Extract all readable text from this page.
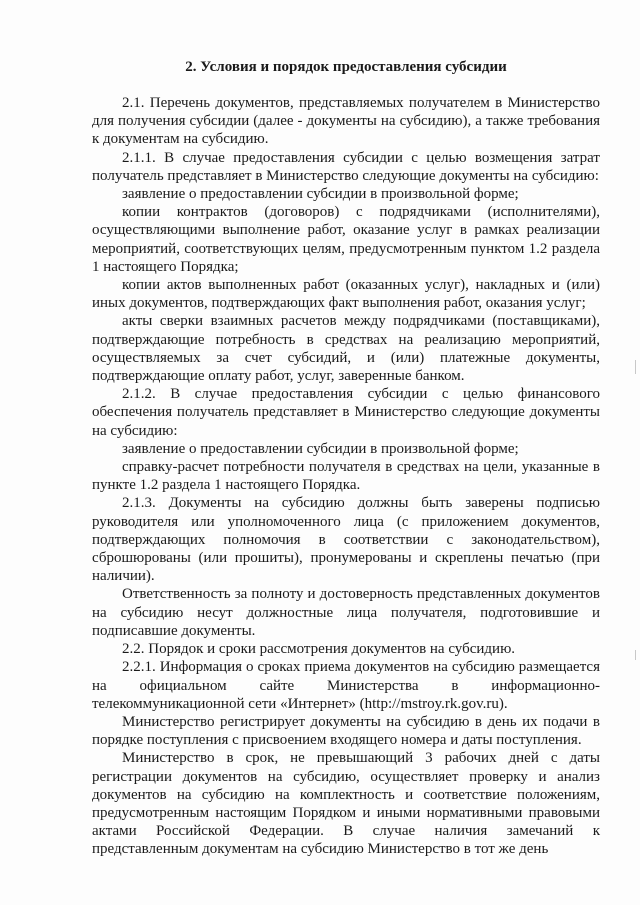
2. Условия и порядок предоставления субсидии

2.1. Перечень документов, представляемых получателем в Министерство для получения субсидии (далее - документы на субсидию), а также требования к документам на субсидию.

2.1.1. В случае предоставления субсидии с целью возмещения затрат получатель представляет в Министерство следующие документы на субсидию:

заявление о предоставлении субсидии в произвольной форме;

копии контрактов (договоров) с подрядчиками (исполнителями), осуществляющими выполнение работ, оказание услуг в рамках реализации мероприятий, соответствующих целям, предусмотренным пунктом 1.2 раздела 1 настоящего Порядка;

копии актов выполненных работ (оказанных услуг), накладных и (или) иных документов, подтверждающих факт выполнения работ, оказания услуг;

акты сверки взаимных расчетов между подрядчиками (поставщиками), подтверждающие потребность в средствах на реализацию мероприятий, осуществляемых за счет субсидий, и (или) платежные документы, подтверждающие оплату работ, услуг, заверенные банком.

2.1.2. В случае предоставления субсидии с целью финансового обеспечения получатель представляет в Министерство следующие документы на субсидию:

заявление о предоставлении субсидии в произвольной форме;

справку-расчет потребности получателя в средствах на цели, указанные в пункте 1.2 раздела 1 настоящего Порядка.

2.1.3. Документы на субсидию должны быть заверены подписью руководителя или уполномоченного лица (с приложением документов, подтверждающих полномочия в соответствии с законодательством), сброшюрованы (или прошиты), пронумерованы и скреплены печатью (при наличии).

Ответственность за полноту и достоверность представленных документов на субсидию несут должностные лица получателя, подготовившие и подписавшие документы.

2.2. Порядок и сроки рассмотрения документов на субсидию.

2.2.1. Информация о сроках приема документов на субсидию размещается на официальном сайте Министерства в информационно-телекоммуникационной сети «Интернет» (http://mstroy.rk.gov.ru).

Министерство регистрирует документы на субсидию в день их подачи в порядке поступления с присвоением входящего номера и даты поступления.

Министерство в срок, не превышающий 3 рабочих дней с даты регистрации документов на субсидию, осуществляет проверку и анализ документов на субсидию на комплектность и соответствие положениям, предусмотренным настоящим Порядком и иными нормативными правовыми актами Российской Федерации. В случае наличия замечаний к представленным документам на субсидию Министерство в тот же день
